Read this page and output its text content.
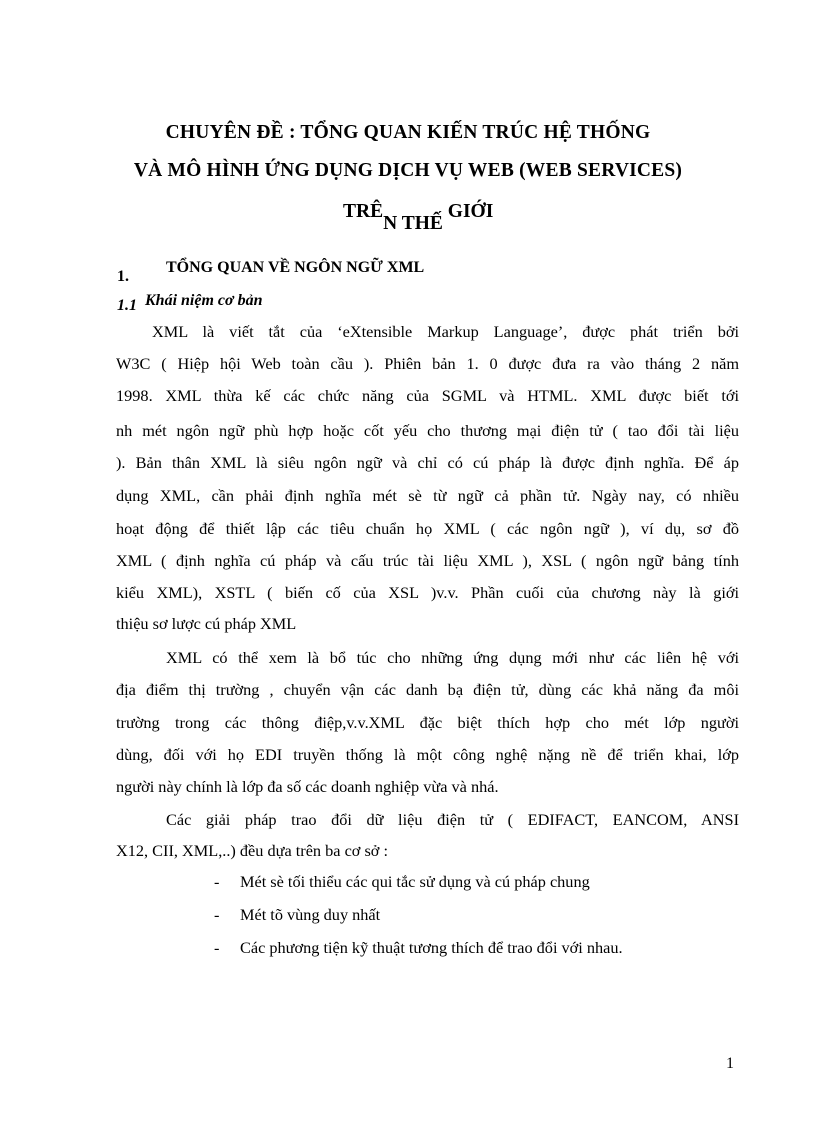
CHUYÊN ĐỀ : TỔNG QUAN KIẾN TRÚC HỆ THỐNG
VÀ MÔ HÌNH ỨNG DỤNG DỊCH VỤ WEB (WEB SERVICES)
TRÊN THẾ GIỚI
1.
TỔNG QUAN VỀ NGÔN NGỮ XML
1.1 Khái niệm cơ bản
XML là viết tắt của ‘eXtensible Markup Language’, được phát triển bởi
W3C ( Hiệp hội Web toàn cầu ). Phiên bản 1. 0 được đưa ra vào tháng 2 năm
1998. XML thừa kế các chức năng của SGML và HTML. XML được biết tới
nh mét ngôn ngữ phù hợp hoặc cốt yếu cho thương mại điện tử ( tao đổi tài liệu
). Bản thân XML là siêu ngôn ngữ và chỉ có cú pháp là được định nghĩa. Để áp
dụng XML, cần phải định nghĩa mét sè từ ngữ cả phần tử. Ngày nay, có nhiều
hoạt động để thiết lập các tiêu chuẩn họ XML ( các ngôn ngữ ), ví dụ, sơ đồ
XML ( định nghĩa cú pháp và cấu trúc tài liệu XML ), XSL ( ngôn ngữ bảng tính
kiểu XML), XSTL ( biến cố của XSL )v.v. Phần cuối của chương này là giới
thiệu sơ lược cú pháp XML
XML có thể xem là bổ túc cho những ứng dụng mới như các liên hệ với
địa điểm thị trường , chuyển vận các danh bạ điện tử, dùng các khả năng đa môi
trường trong các thông điệp,v.v.XML đặc biệt thích hợp cho mét lớp người
dùng, đối với họ EDI truyền thống là một công nghệ nặng nề để triển khai, lớp
người này chính là lớp đa số các doanh nghiệp vừa và nhá.
Các giải pháp trao đổi dữ liệu điện tử ( EDIFACT, EANCOM, ANSI
X12, CII, XML,..) đều dựa trên ba cơ sở :
- Mét sè tối thiểu các qui tắc sử dụng và cú pháp chung
- Mét tõ vùng duy nhất
- Các phương tiện kỹ thuật tương thích để trao đổi với nhau.
1
